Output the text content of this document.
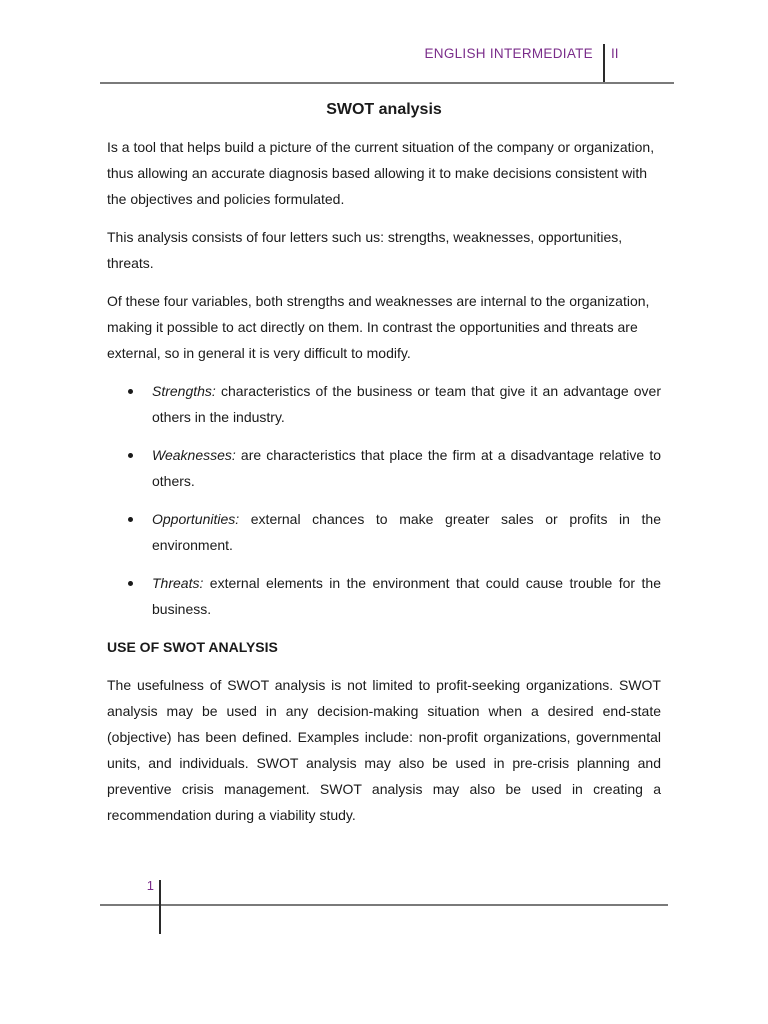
ENGLISH INTERMEDIATE II
SWOT analysis

Is a tool that helps build a picture of the current situation of the company or organization, thus allowing an accurate diagnosis based allowing it to make decisions consistent with the objectives and policies formulated.

This analysis consists of four letters such us: strengths, weaknesses, opportunities, threats.

Of these four variables, both strengths and weaknesses are internal to the organization, making it possible to act directly on them. In contrast the opportunities and threats are external, so in general it is very difficult to modify.

Strengths: characteristics of the business or team that give it an advantage over others in the industry.
Weaknesses: are characteristics that place the firm at a disadvantage relative to others.
Opportunities: external chances to make greater sales or profits in the environment.
Threats: external elements in the environment that could cause trouble for the business.
USE OF SWOT ANALYSIS

The usefulness of SWOT analysis is not limited to profit-seeking organizations. SWOT analysis may be used in any decision-making situation when a desired end-state (objective) has been defined. Examples include: non-profit organizations, governmental units, and individuals. SWOT analysis may also be used in pre-crisis planning and preventive crisis management. SWOT analysis may also be used in creating a recommendation during a viability study.

1
